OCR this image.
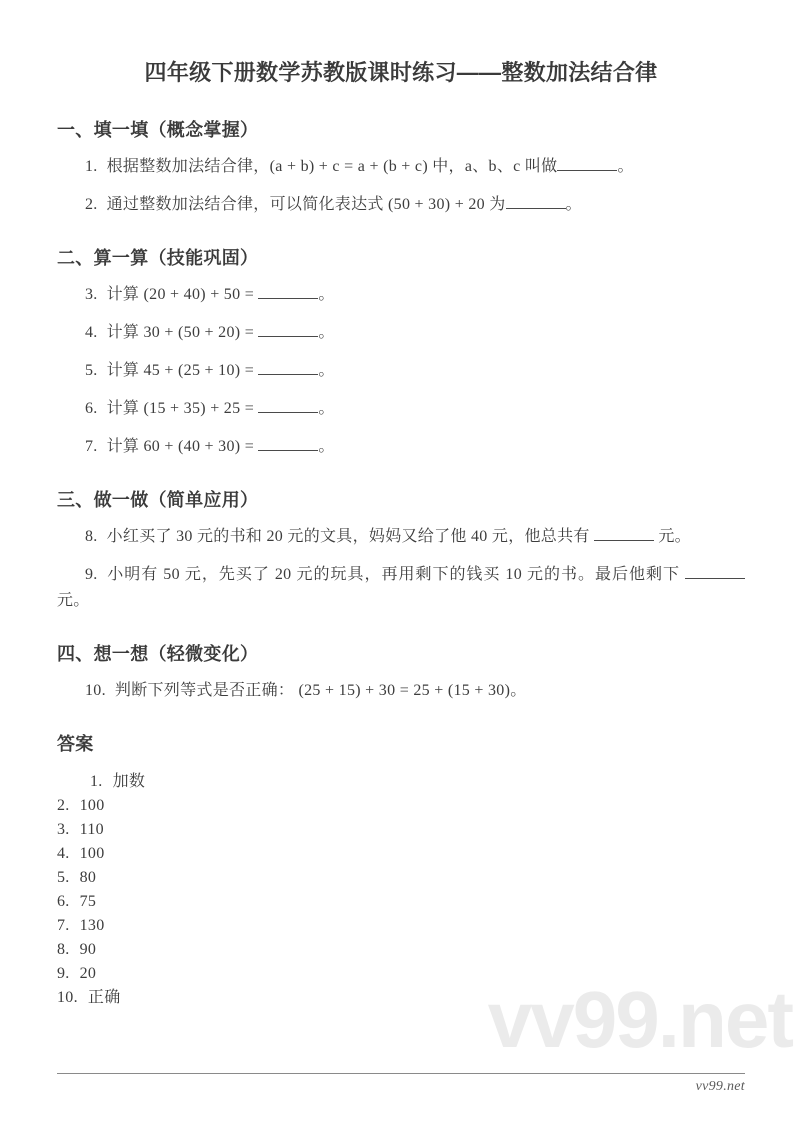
vv99.net
四年级下册数学苏教版课时练习——整数加法结合律
一、填一填（概念掌握）

1. 根据整数加法结合律，(a + b) + c = a + (b + c) 中，a、b、c 叫做	。

2. 通过整数加法结合律，可以简化表达式 (50 + 30) + 20 为	。

二、算一算（技能巩固）

3. 计算 (20 + 40) + 50 =	。

4. 计算 30 + (50 + 20) =	。

5. 计算 45 + (25 + 10) =	。

6. 计算 (15 + 35) + 25 =	。

7. 计算 60 + (40 + 30) =	。

三、做一做（简单应用）

8. 小红买了 30 元的书和 20 元的文具，妈妈又给了他 40 元，他总共有	元。

9. 小明有 50 元，先买了 20 元的玩具，再用剩下的钱买 10 元的书。最后他剩下  元。

四、想一想（轻微变化）

10. 判断下列等式是否正确： (25 + 15) + 30 = 25 + (15 + 30)。

答案

1. 加数

2. 100

3. 110

4. 100

5. 80

6. 75

7. 130

8. 90

9. 20

10. 正确

vv99.net
